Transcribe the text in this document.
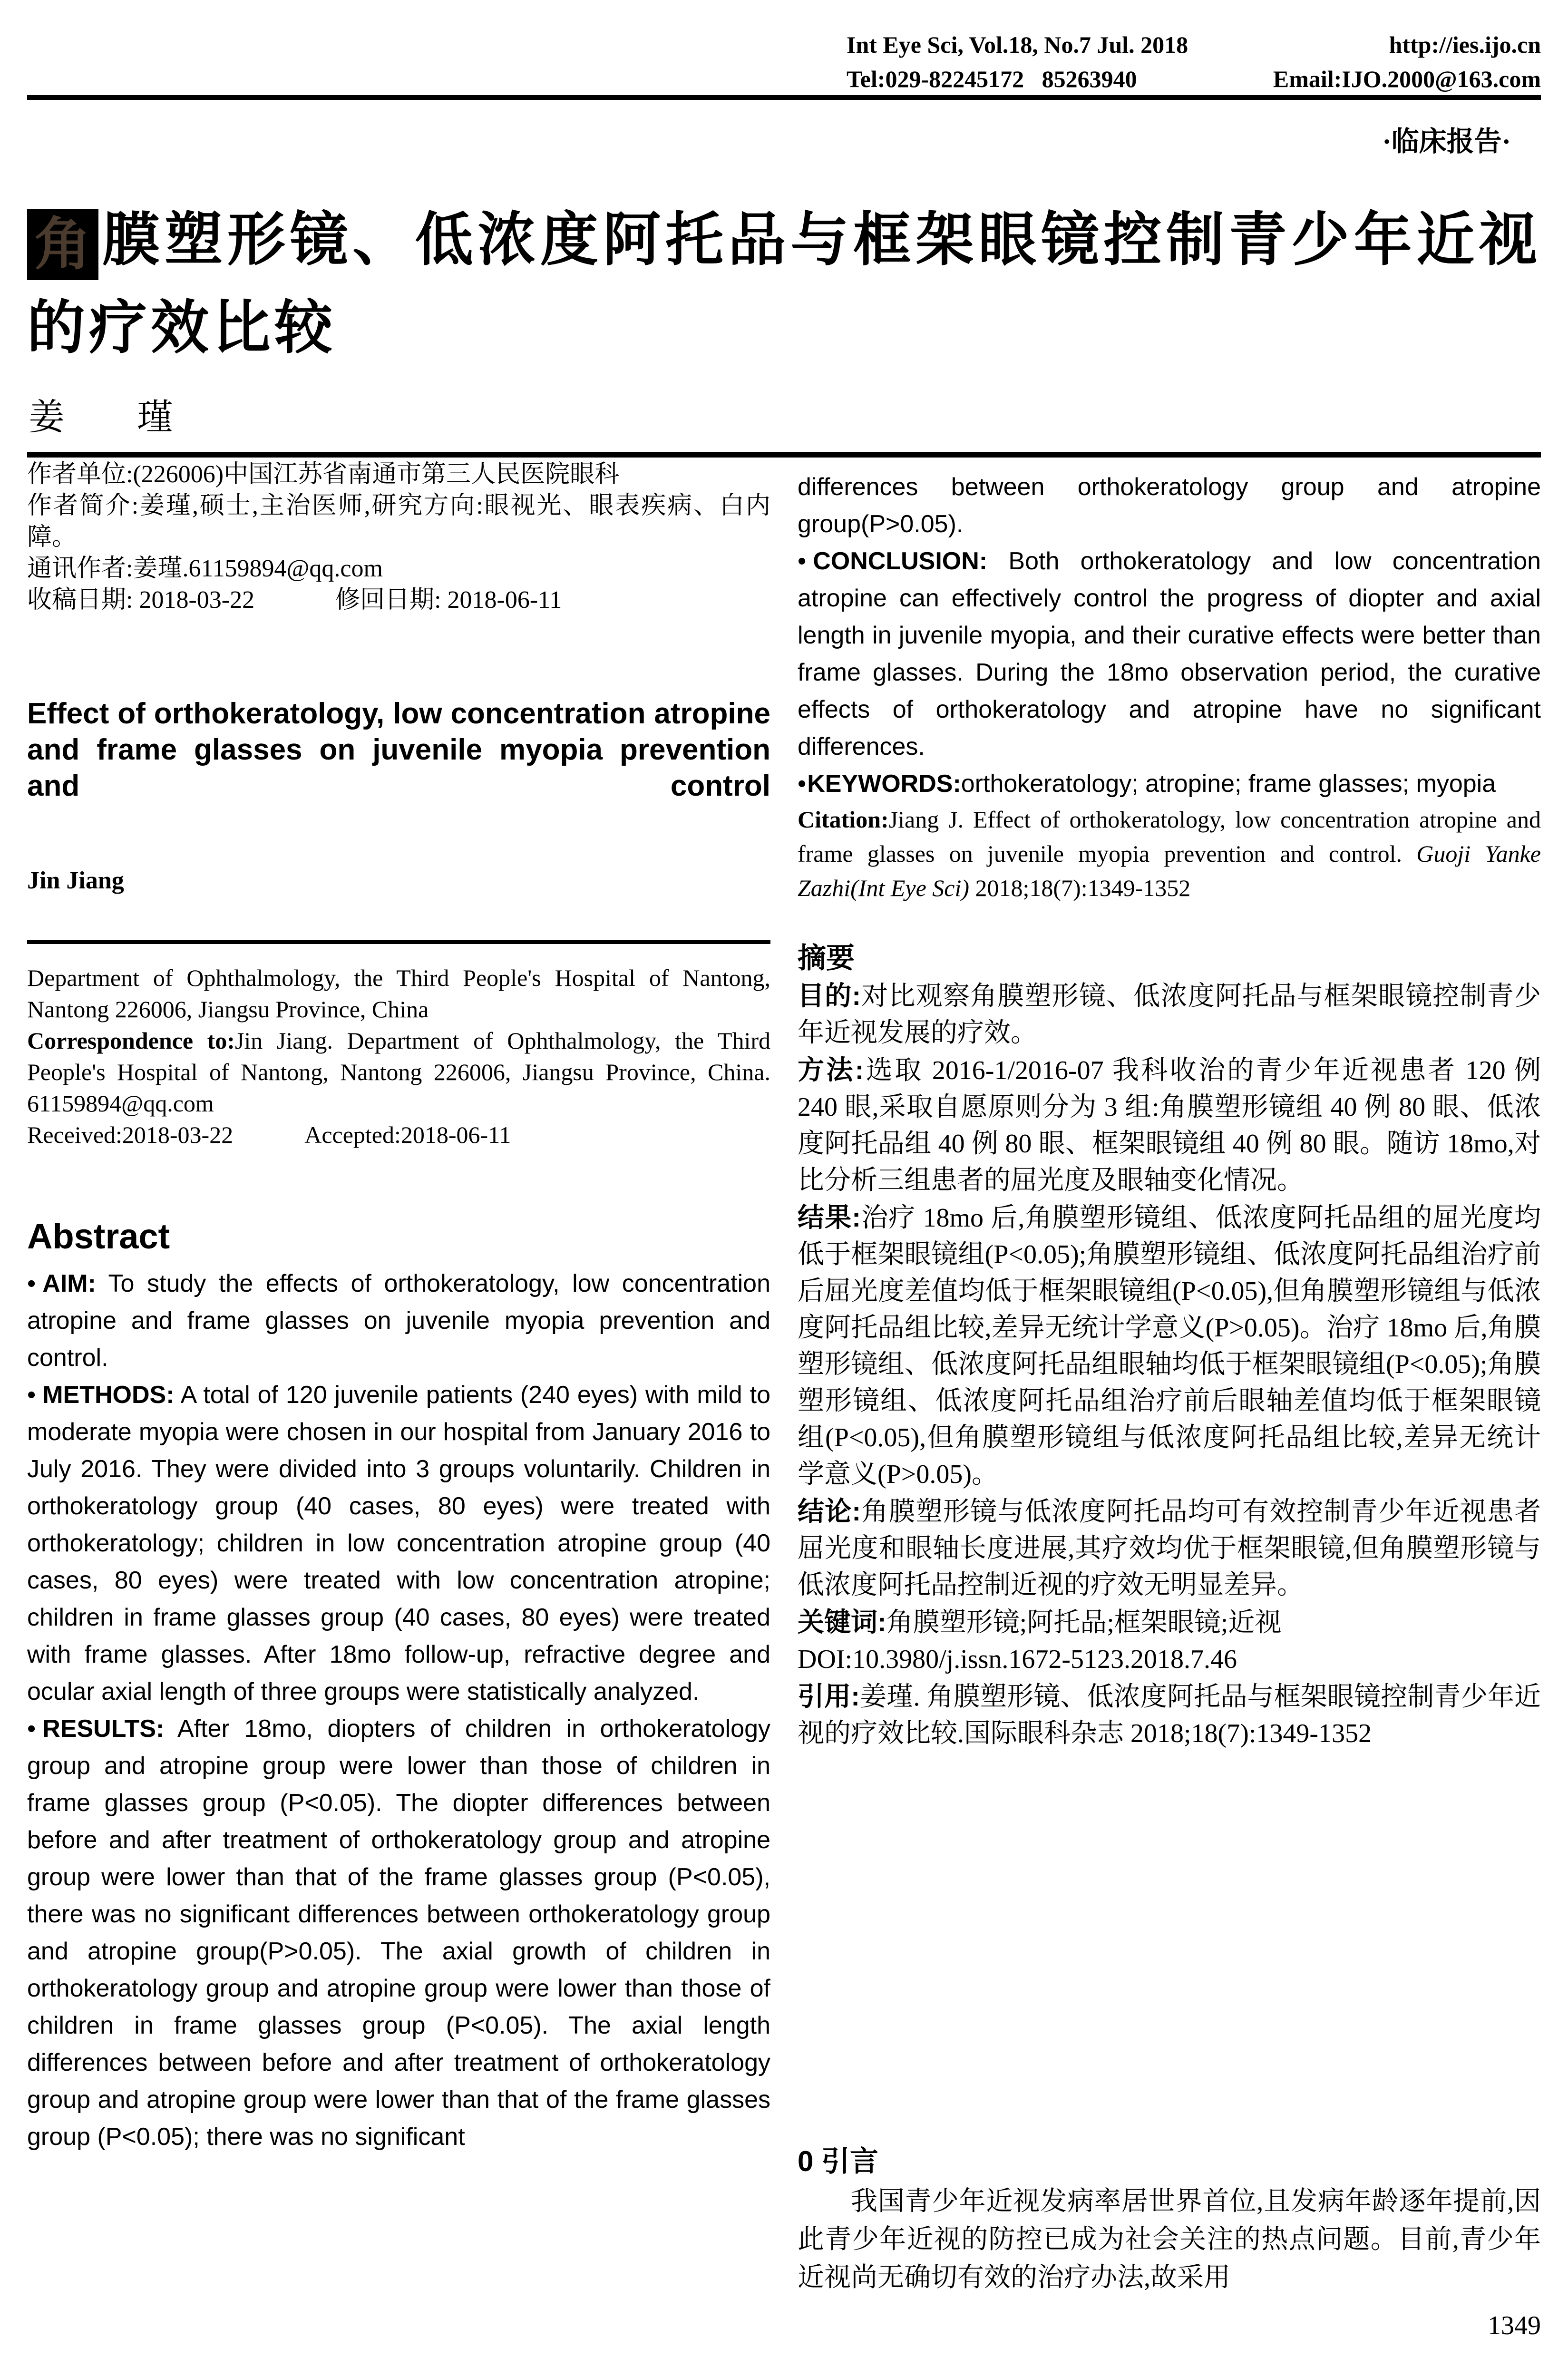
Int Eye Sci, Vol.18, No.7 Jul. 2018	http://ies.ijo.cn
Tel:029-82245172   85263940	Email:IJO.2000@163.com
·临床报告·
角 膜塑形镜、低浓度阿托品与框架眼镜控制青少年近视的疗效比较
姜　　瑾

作者单位:(226006)中国江苏省南通市第三人民医院眼科

作者简介:姜瑾,硕士,主治医师,研究方向:眼视光、眼表疾病、白内障。

通讯作者:姜瑾.61159894@qq.com

收稿日期: 2018-03-22	修回日期: 2018-06-11

Effect of orthokeratology, low concentration atropine and frame glasses on juvenile myopia prevention and control
Jin Jiang

Department of Ophthalmology, the Third People's Hospital of Nantong, Nantong 226006, Jiangsu Province, China

Correspondence to:Jin Jiang. Department of Ophthalmology, the Third People's Hospital of Nantong, Nantong 226006, Jiangsu Province, China. 61159894@qq.com

Received:2018-03-22	Accepted:2018-06-11

Abstract

• AIM: To study the effects of orthokeratology, low concentration atropine and frame glasses on juvenile myopia prevention and control.

• METHODS: A total of 120 juvenile patients (240 eyes) with mild to moderate myopia were chosen in our hospital from January 2016 to July 2016. They were divided into 3 groups voluntarily. Children in orthokeratology group (40 cases, 80 eyes) were treated with orthokeratology; children in low concentration atropine group (40 cases, 80 eyes) were treated with low concentration atropine; children in frame glasses group (40 cases, 80 eyes) were treated with frame glasses. After 18mo follow-up, refractive degree and ocular axial length of three groups were statistically analyzed.

• RESULTS: After 18mo, diopters of children in orthokeratology group and atropine group were lower than those of children in frame glasses group (P<0.05). The diopter differences between before and after treatment of orthokeratology group and atropine group were lower than that of the frame glasses group (P<0.05), there was no significant differences between orthokeratology group and atropine group(P>0.05). The axial growth of children in orthokeratology group and atropine group were lower than those of children in frame glasses group (P<0.05). The axial length differences between before and after treatment of orthokeratology group and atropine group were lower than that of the frame glasses group (P<0.05); there was no significant

differences between orthokeratology group and atropine group(P>0.05).

• CONCLUSION: Both orthokeratology and low concentration atropine can effectively control the progress of diopter and axial length in juvenile myopia, and their curative effects were better than frame glasses. During the 18mo observation period, the curative effects of orthokeratology and atropine have no significant differences.

•KEYWORDS:orthokeratology; atropine; frame glasses; myopia

Citation:Jiang J. Effect of orthokeratology, low concentration atropine and frame glasses on juvenile myopia prevention and control. Guoji Yanke Zazhi(Int Eye Sci) 2018;18(7):1349-1352

摘要

目的:对比观察角膜塑形镜、低浓度阿托品与框架眼镜控制青少年近视发展的疗效。

方法:选取 2016-1/2016-07 我科收治的青少年近视患者 120 例 240 眼,采取自愿原则分为 3 组:角膜塑形镜组 40 例 80 眼、低浓度阿托品组 40 例 80 眼、框架眼镜组 40 例 80 眼。随访 18mo,对比分析三组患者的屈光度及眼轴变化情况。

结果:治疗 18mo 后,角膜塑形镜组、低浓度阿托品组的屈光度均低于框架眼镜组(P<0.05);角膜塑形镜组、低浓度阿托品组治疗前后屈光度差值均低于框架眼镜组(P<0.05),但角膜塑形镜组与低浓度阿托品组比较,差异无统计学意义(P>0.05)。治疗 18mo 后,角膜塑形镜组、低浓度阿托品组眼轴均低于框架眼镜组(P<0.05);角膜塑形镜组、低浓度阿托品组治疗前后眼轴差值均低于框架眼镜组(P<0.05),但角膜塑形镜组与低浓度阿托品组比较,差异无统计学意义(P>0.05)。

结论:角膜塑形镜与低浓度阿托品均可有效控制青少年近视患者屈光度和眼轴长度进展,其疗效均优于框架眼镜,但角膜塑形镜与低浓度阿托品控制近视的疗效无明显差异。

关键词:角膜塑形镜;阿托品;框架眼镜;近视

DOI:10.3980/j.issn.1672-5123.2018.7.46

引用:姜瑾. 角膜塑形镜、低浓度阿托品与框架眼镜控制青少年近视的疗效比较.国际眼科杂志 2018;18(7):1349-1352

0 引言

我国青少年近视发病率居世界首位,且发病年龄逐年提前,因此青少年近视的防控已成为社会关注的热点问题。目前,青少年近视尚无确切有效的治疗办法,故采用

1349
